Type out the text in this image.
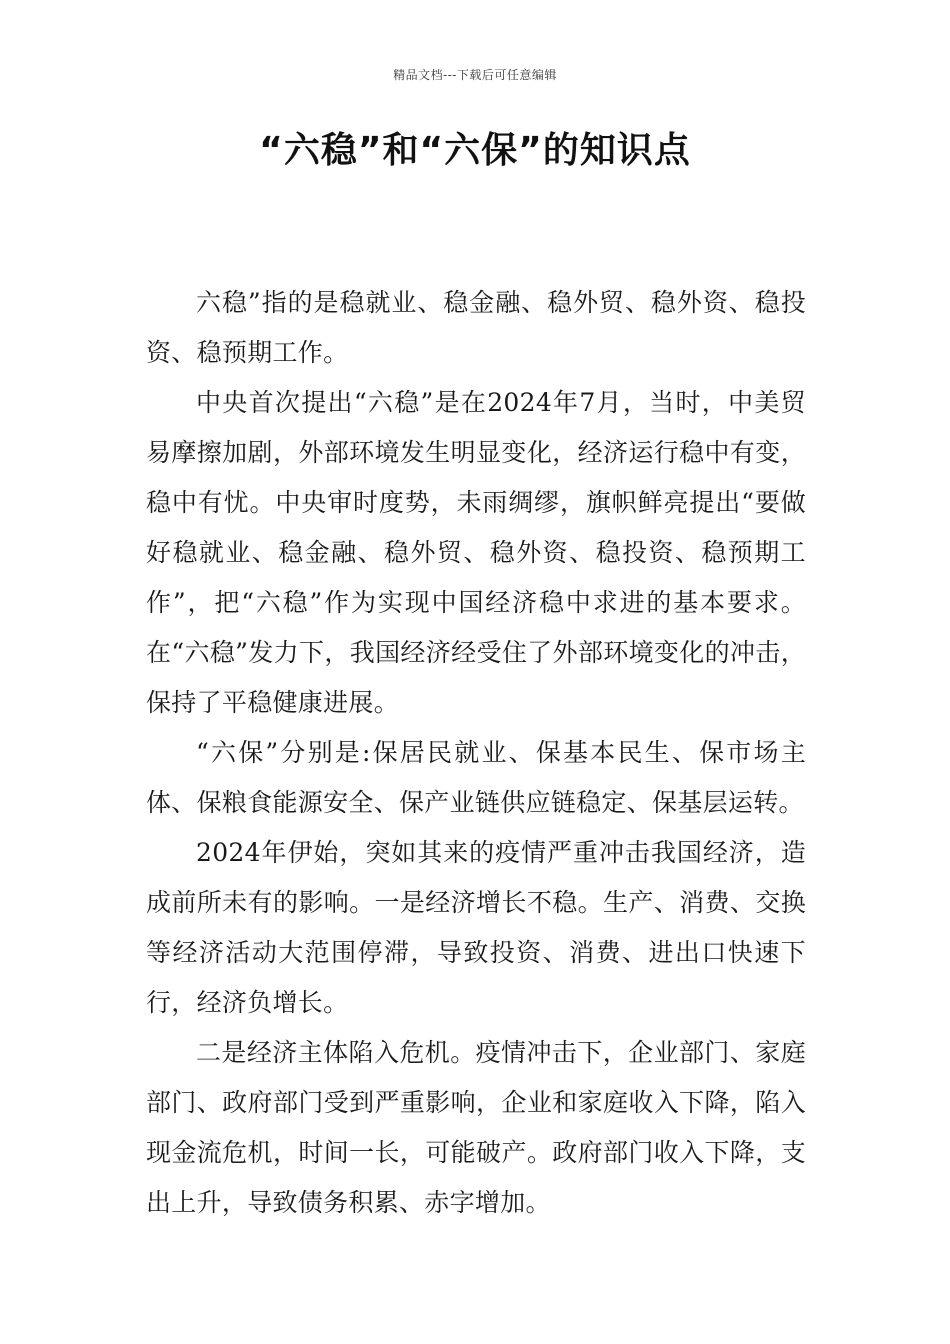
精品文档---下载后可任意编辑
“六稳”和“六保”的知识点

六稳”指的是稳就业、稳金融、稳外贸、稳外资、稳投资、稳预期工作。

中央首次提出“六稳”是在2024年7月，当时，中美贸易摩擦加剧，外部环境发生明显变化，经济运行稳中有变，稳中有忧。中央审时度势，未雨绸缪，旗帜鲜亮提出“要做好稳就业、稳金融、稳外贸、稳外资、稳投资、稳预期工作”，把“六稳”作为实现中国经济稳中求进的基本要求。在“六稳”发力下，我国经济经受住了外部环境变化的冲击，保持了平稳健康进展。

“六保”分别是:保居民就业、保基本民生、保市场主体、保粮食能源安全、保产业链供应链稳定、保基层运转。

2024年伊始，突如其来的疫情严重冲击我国经济，造成前所未有的影响。一是经济增长不稳。生产、消费、交换等经济活动大范围停滞，导致投资、消费、进出口快速下行，经济负增长。

二是经济主体陷入危机。疫情冲击下，企业部门、家庭部门、政府部门受到严重影响，企业和家庭收入下降，陷入现金流危机，时间一长，可能破产。政府部门收入下降，支出上升，导致债务积累、赤字增加。
